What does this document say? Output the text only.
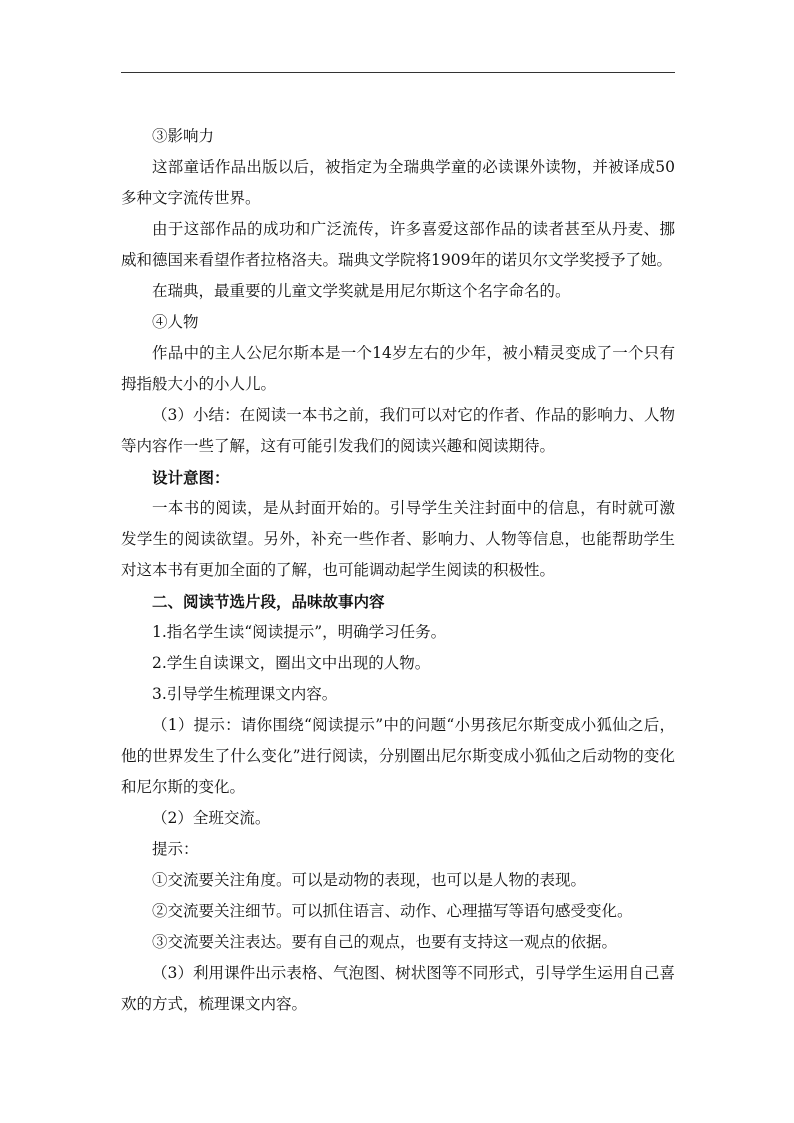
③影响力

这部童话作品出版以后，被指定为全瑞典学童的必读课外读物，并被译成50多种文字流传世界。

由于这部作品的成功和广泛流传，许多喜爱这部作品的读者甚至从丹麦、挪威和德国来看望作者拉格洛夫。瑞典文学院将1909年的诺贝尔文学奖授予了她。

在瑞典，最重要的儿童文学奖就是用尼尔斯这个名字命名的。

④人物

作品中的主人公尼尔斯本是一个14岁左右的少年，被小精灵变成了一个只有拇指般大小的小人儿。

（3）小结：在阅读一本书之前，我们可以对它的作者、作品的影响力、人物等内容作一些了解，这有可能引发我们的阅读兴趣和阅读期待。

设计意图：

一本书的阅读，是从封面开始的。引导学生关注封面中的信息，有时就可激发学生的阅读欲望。另外，补充一些作者、影响力、人物等信息，也能帮助学生对这本书有更加全面的了解，也可能调动起学生阅读的积极性。

二、阅读节选片段，品味故事内容

1.指名学生读“阅读提示”，明确学习任务。

2.学生自读课文，圈出文中出现的人物。

3.引导学生梳理课文内容。

（1）提示：请你围绕“阅读提示”中的问题“小男孩尼尔斯变成小狐仙之后，他的世界发生了什么变化”进行阅读，分别圈出尼尔斯变成小狐仙之后动物的变化和尼尔斯的变化。

（2）全班交流。

提示：

①交流要关注角度。可以是动物的表现，也可以是人物的表现。

②交流要关注细节。可以抓住语言、动作、心理描写等语句感受变化。

③交流要关注表达。要有自己的观点，也要有支持这一观点的依据。

（3）利用课件出示表格、气泡图、树状图等不同形式，引导学生运用自己喜欢的方式，梳理课文内容。
